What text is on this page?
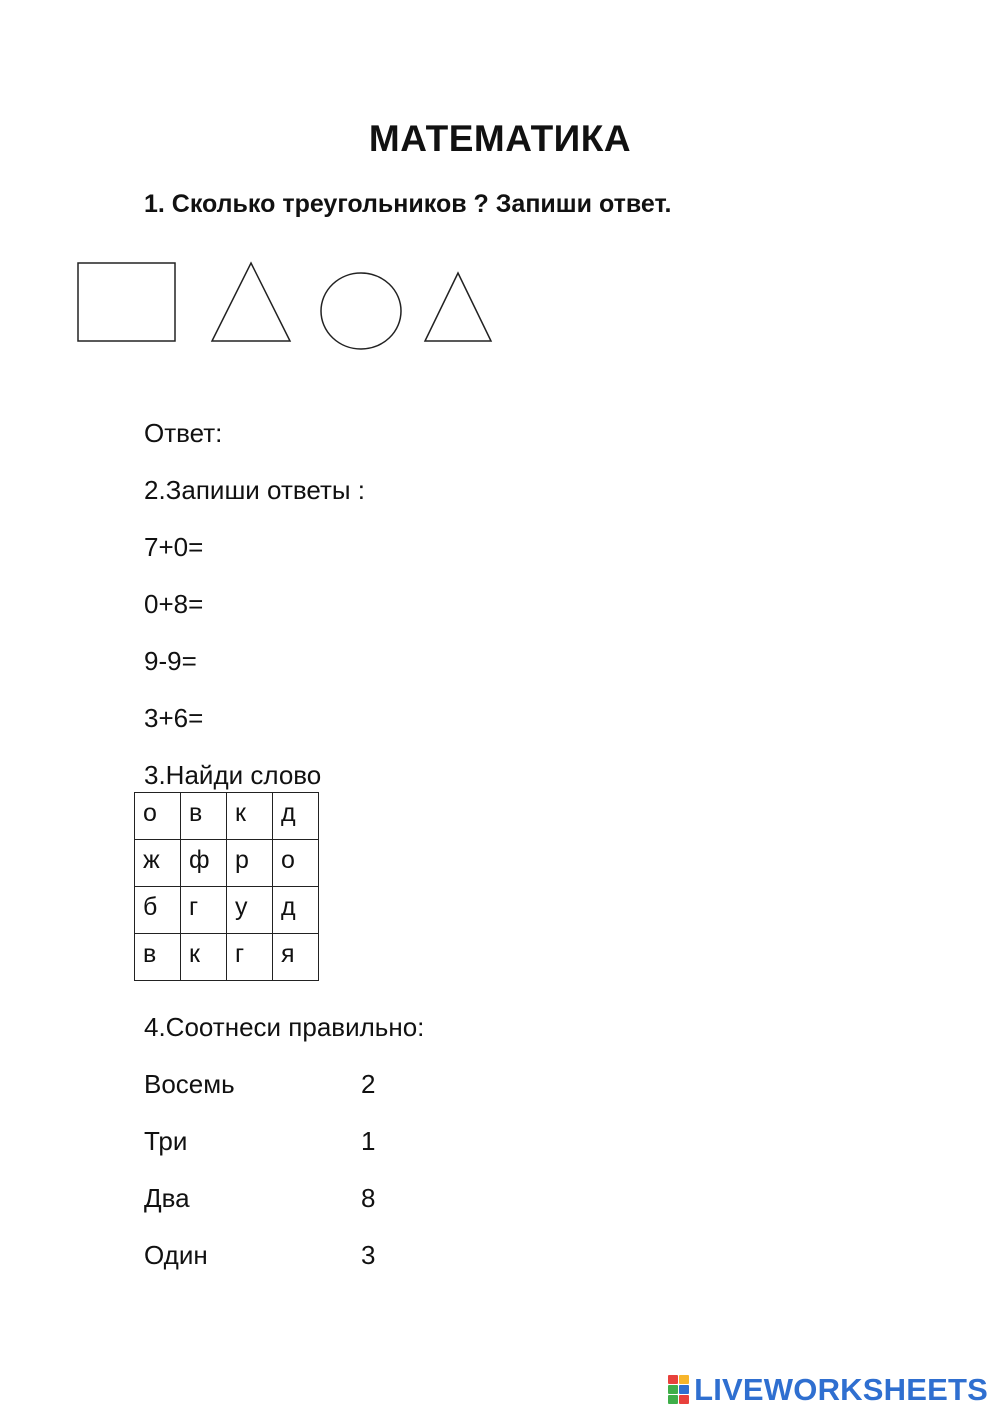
МАТЕМАТИКА
1. Сколько треугольников ? Запиши ответ.
Ответ:
2.Запиши ответы :
7+0=
0+8=
9-9=
3+6=
3.Найди слово
о	в	к	д
ж	ф	р	о
б	г	у	д
в	к	г	я
4.Соотнеси правильно:
Восемь	2
Три	1
Два	8
Один	3
LIVEWORKSHEETS
